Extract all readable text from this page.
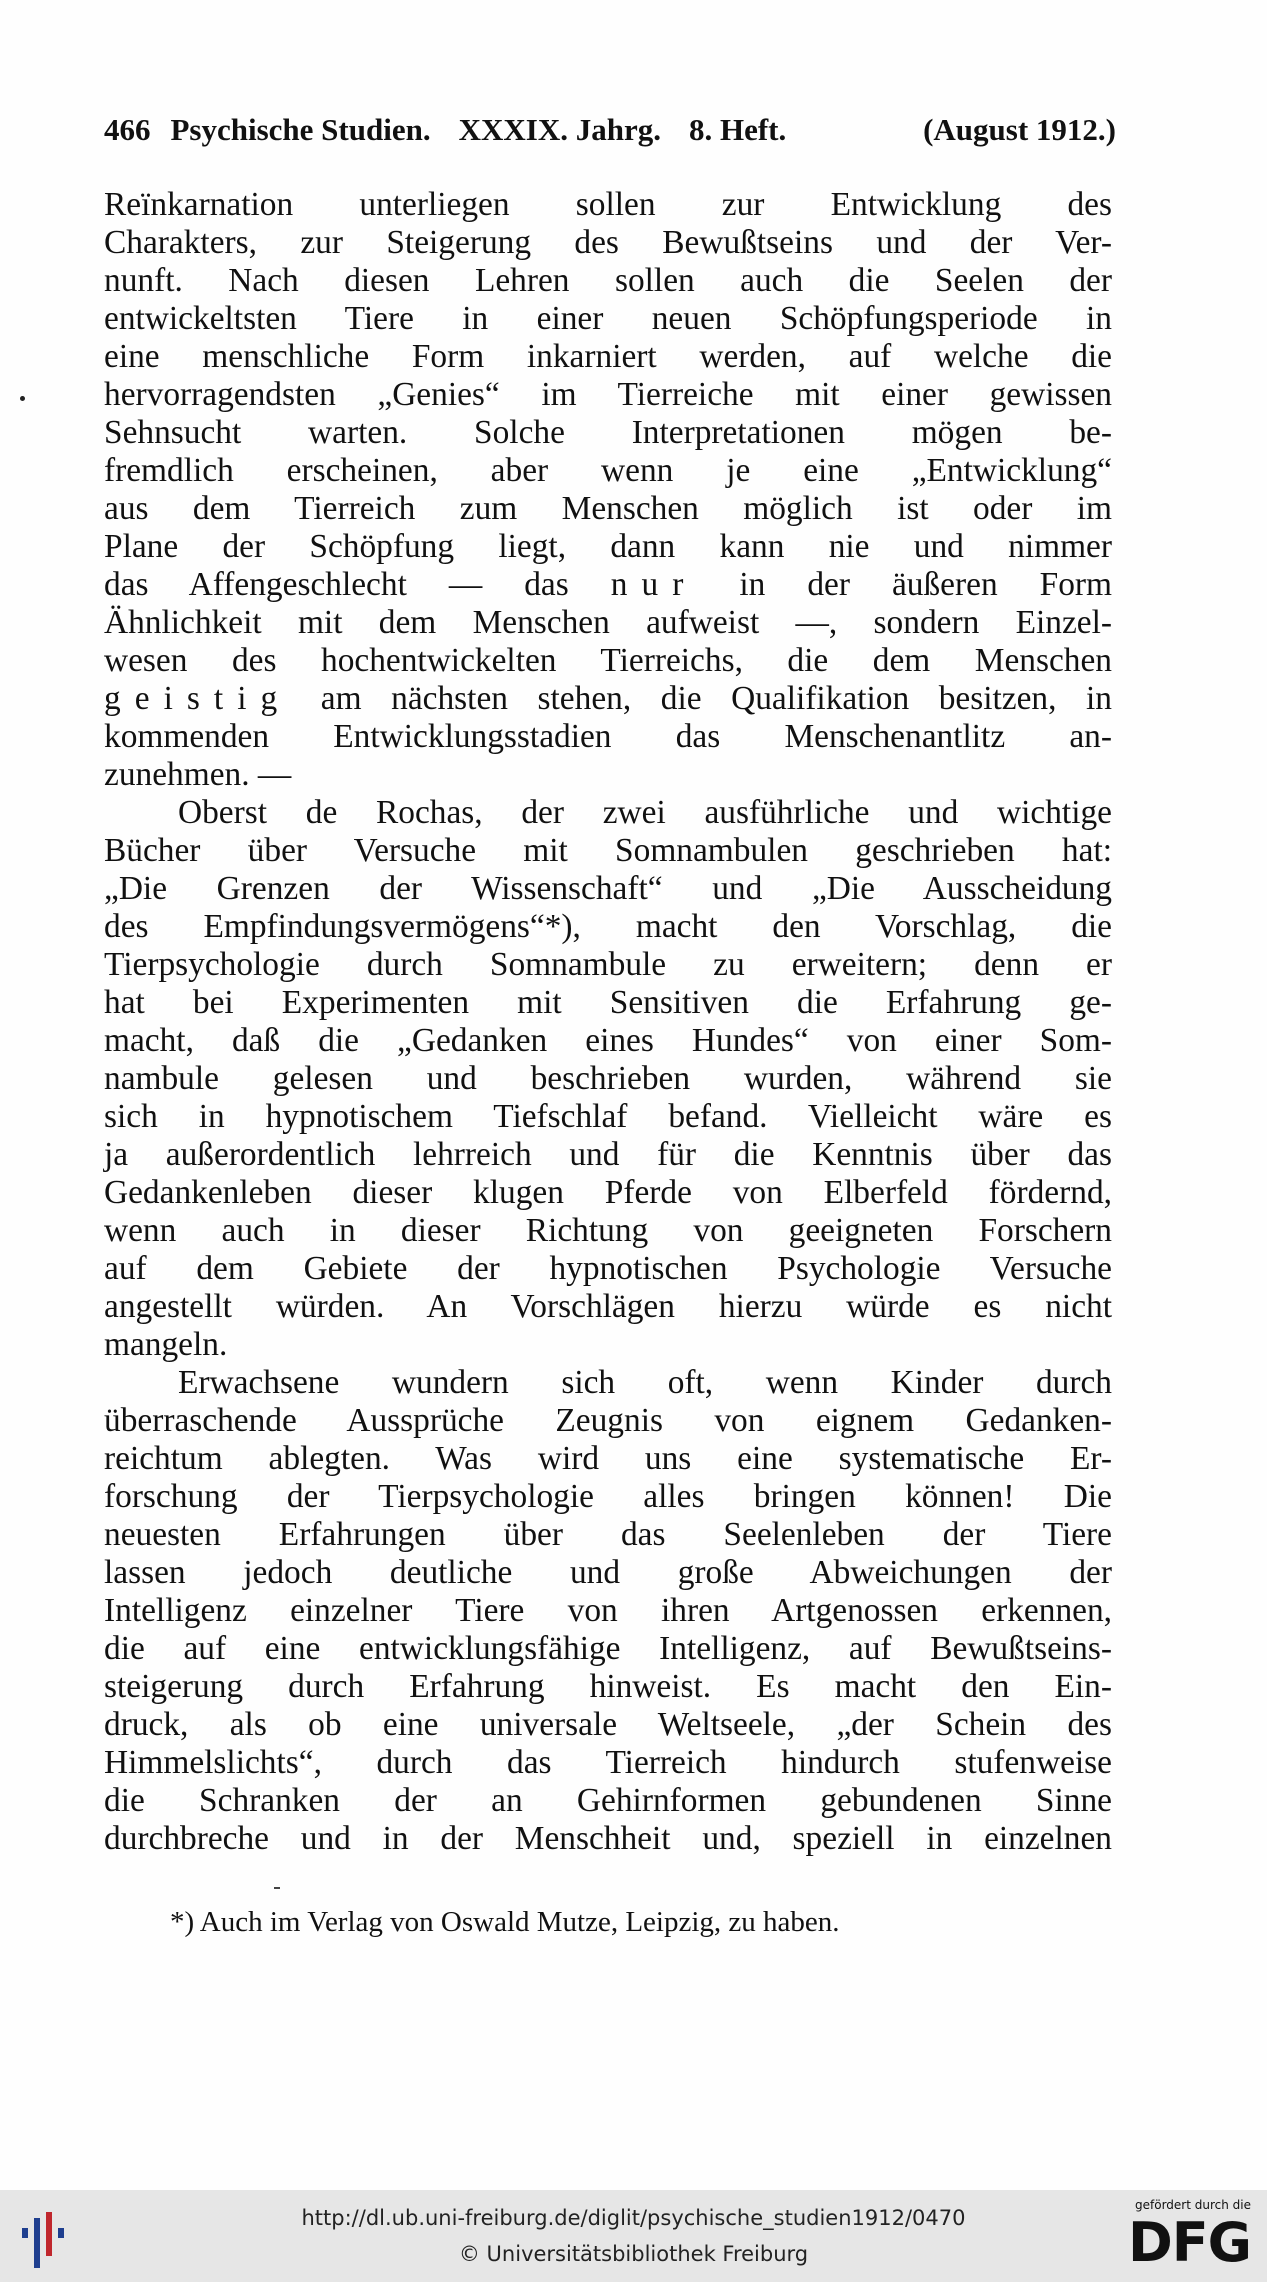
466 Psychische Studien. XXXIX. Jahrg. 8. Heft.	(August 1912.)
Reïnkarnation unterliegen sollen zur Entwicklung des
Charakters, zur Steigerung des Bewußtseins und der Ver-
nunft. Nach diesen Lehren sollen auch die Seelen der
entwickeltsten Tiere in einer neuen Schöpfungsperiode in
eine menschliche Form inkarniert werden, auf welche die
hervorragendsten „Genies“ im Tierreiche mit einer gewissen
Sehnsucht warten. Solche Interpretationen mögen be-
fremdlich erscheinen, aber wenn je eine „Entwicklung“
aus dem Tierreich zum Menschen möglich ist oder im
Plane der Schöpfung liegt, dann kann nie und nimmer
das Affengeschlecht — das nur in der äußeren Form
Ähnlichkeit mit dem Menschen aufweist —, sondern Einzel-
wesen des hochentwickelten Tierreichs, die dem Menschen
geistig am nächsten stehen, die Qualifikation besitzen, in
kommenden Entwicklungsstadien das Menschenantlitz an-
zunehmen. —
Oberst de Rochas, der zwei ausführliche und wichtige
Bücher über Versuche mit Somnambulen geschrieben hat:
„Die Grenzen der Wissenschaft“ und „Die Ausscheidung
des Empfindungsvermögens“*), macht den Vorschlag, die
Tierpsychologie durch Somnambule zu erweitern; denn er
hat bei Experimenten mit Sensitiven die Erfahrung ge-
macht, daß die „Gedanken eines Hundes“ von einer Som-
nambule gelesen und beschrieben wurden, während sie
sich in hypnotischem Tiefschlaf befand. Vielleicht wäre es
ja außerordentlich lehrreich und für die Kenntnis über das
Gedankenleben dieser klugen Pferde von Elberfeld fördernd,
wenn auch in dieser Richtung von geeigneten Forschern
auf dem Gebiete der hypnotischen Psychologie Versuche
angestellt würden. An Vorschlägen hierzu würde es nicht
mangeln.
Erwachsene wundern sich oft, wenn Kinder durch
überraschende Aussprüche Zeugnis von eignem Gedanken-
reichtum ablegten. Was wird uns eine systematische Er-
forschung der Tierpsychologie alles bringen können! Die
neuesten Erfahrungen über das Seelenleben der Tiere
lassen jedoch deutliche und große Abweichungen der
Intelligenz einzelner Tiere von ihren Artgenossen erkennen,
die auf eine entwicklungsfähige Intelligenz, auf Bewußtseins-
steigerung durch Erfahrung hinweist. Es macht den Ein-
druck, als ob eine universale Weltseele, „der Schein des
Himmelslichts“, durch das Tierreich hindurch stufenweise
die Schranken der an Gehirnformen gebundenen Sinne
durchbreche und in der Menschheit und, speziell in einzelnen
*) Auch im Verlag von Oswald Mutze, Leipzig, zu haben.
http://dl.ub.uni-freiburg.de/diglit/psychische_studien1912/0470
© Universitätsbibliothek Freiburg
gefördert durch die
DFG
